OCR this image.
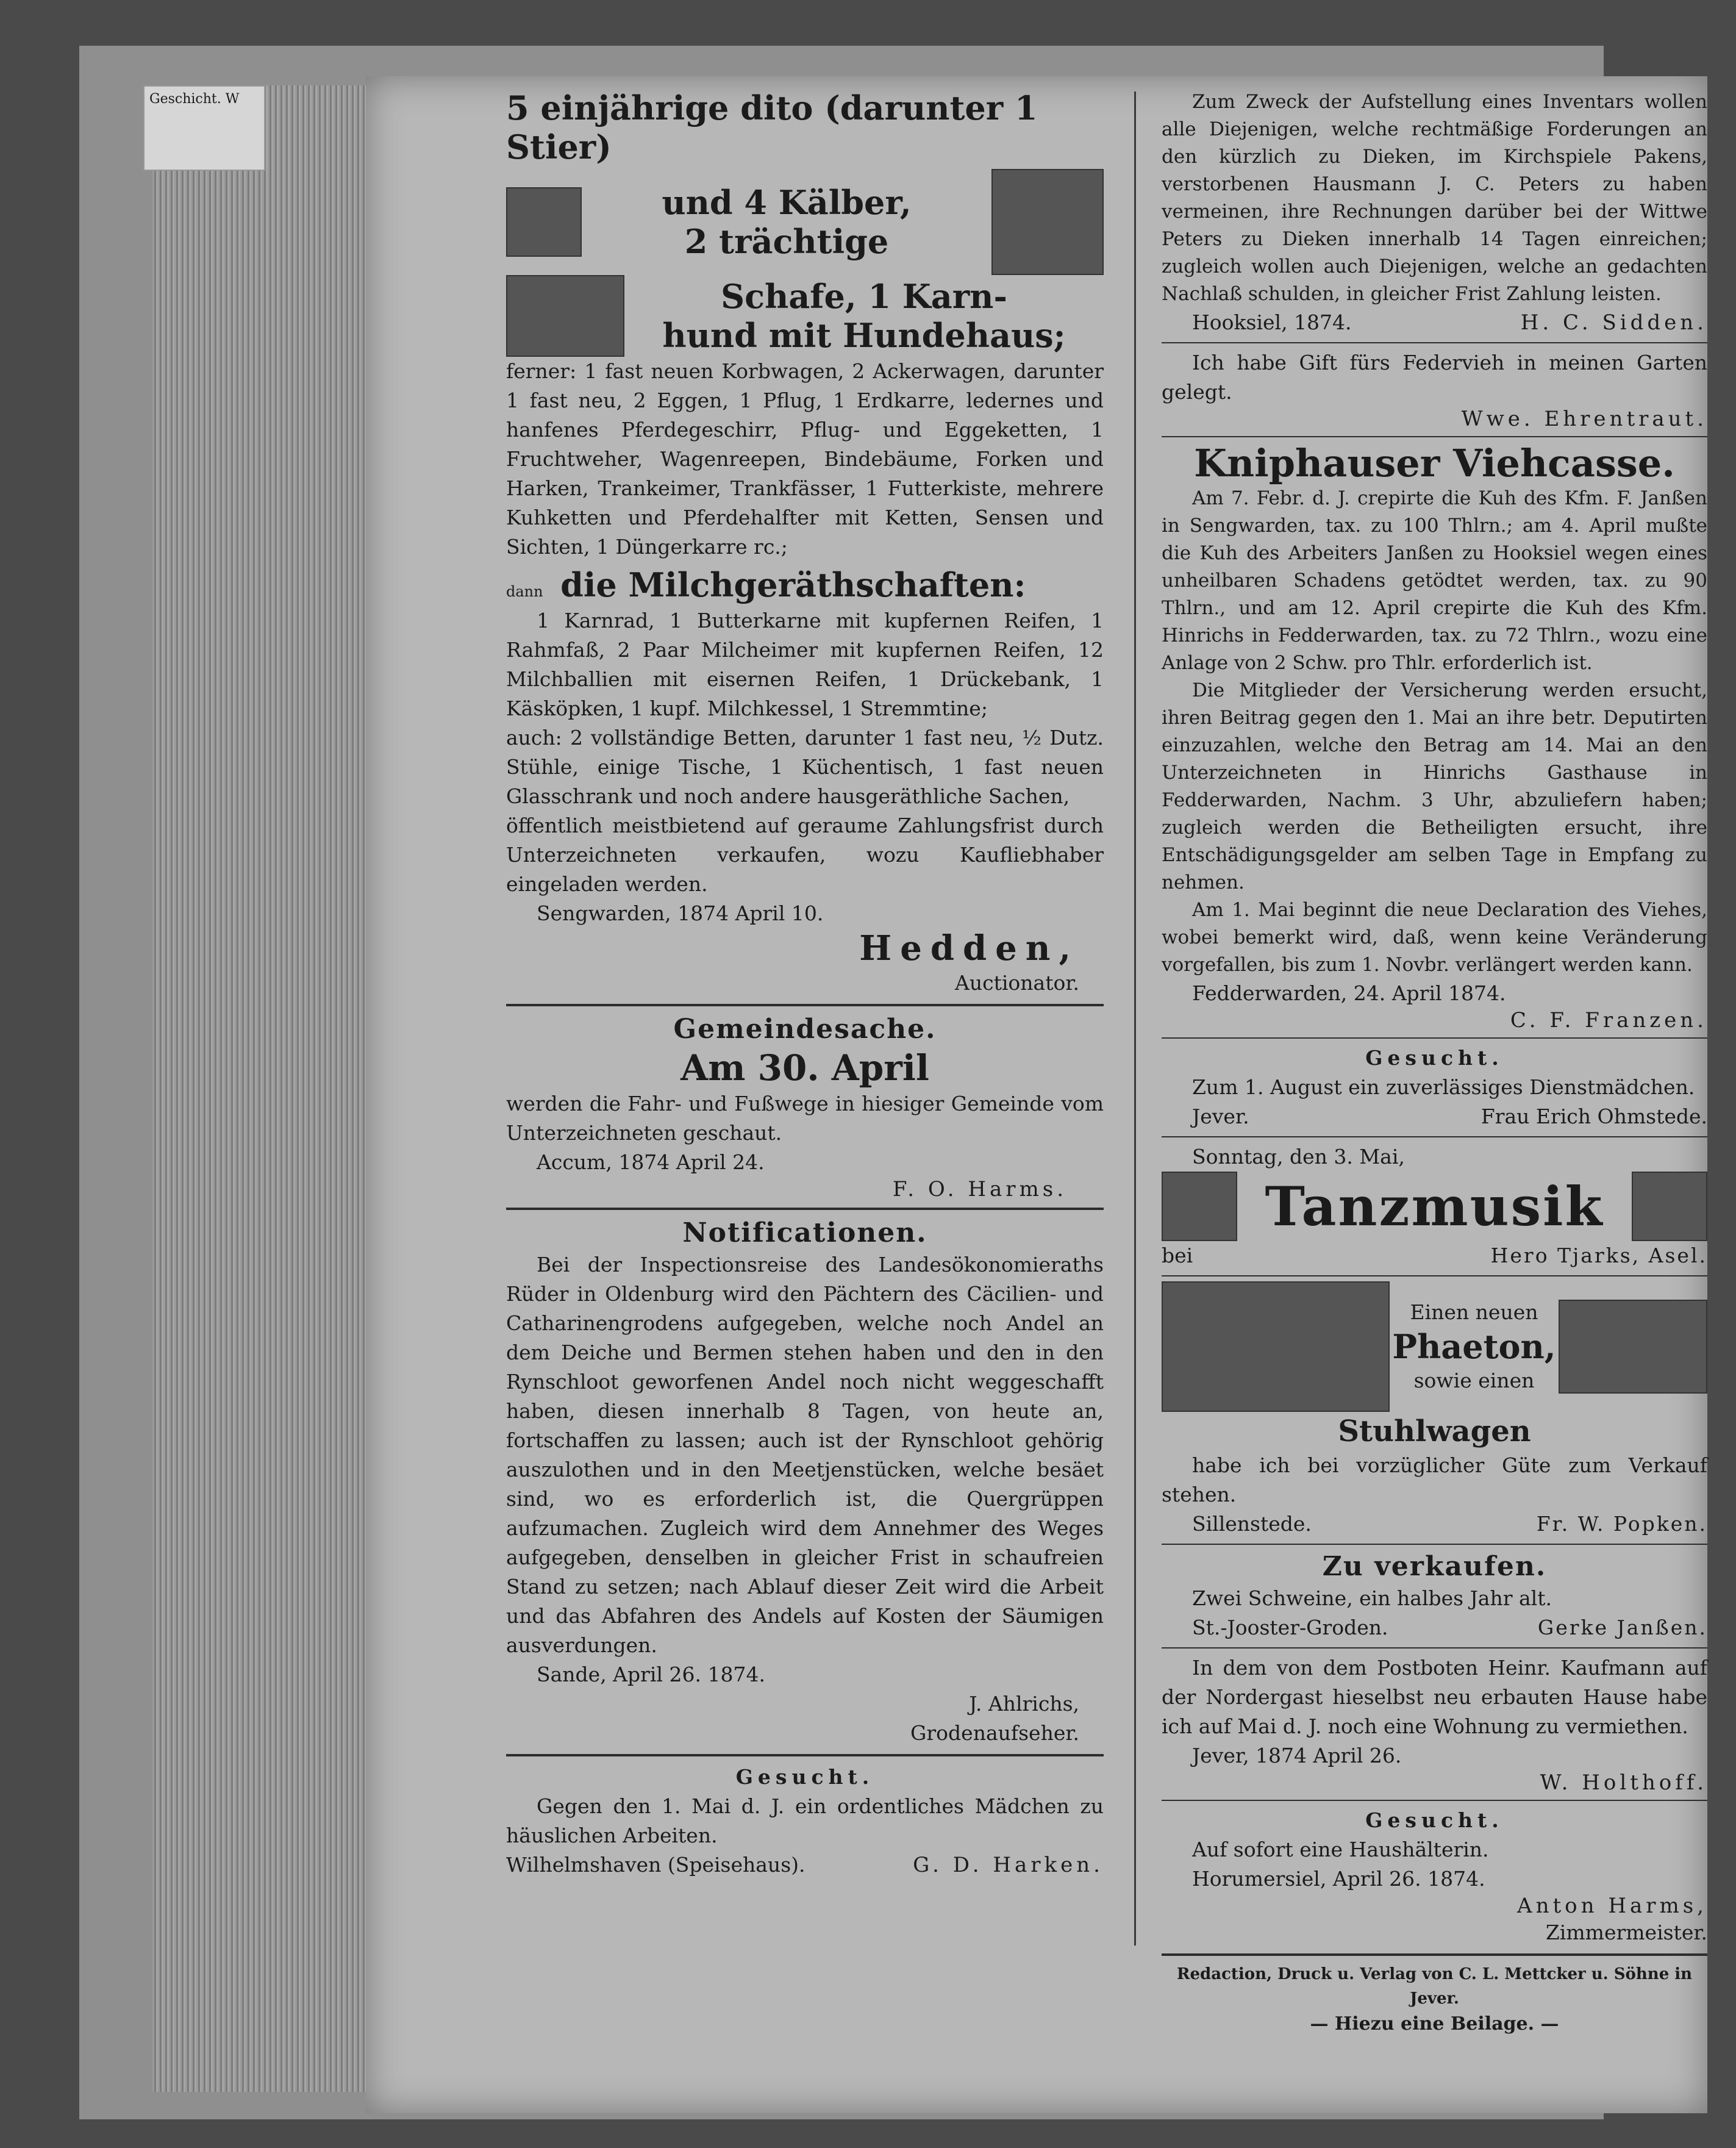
Geschicht. W	5 einjährige dito (darunter 1 Stier)

und 4 Kälber,

2 trächtige

Schafe, 1 Karn-

hund mit Hundehaus;

ferner: 1 fast neuen Korbwagen, 2 Ackerwagen, darunter 1 fast neu, 2 Eggen, 1 Pflug, 1 Erdkarre, ledernes und hanfenes Pferdegeschirr, Pflug- und Eggeketten, 1 Fruchtweher, Wagenreepen, Bindebäume, Forken und Harken, Trankeimer, Trankfässer, 1 Futterkiste, mehrere Kuhketten und Pferdehalfter mit Ketten, Sensen und Sichten, 1 Düngerkarre rc.;

dann die Milchgeräthschaften:

1 Karnrad, 1 Butterkarne mit kupfernen Reifen, 1 Rahmfaß, 2 Paar Milcheimer mit kupfernen Reifen, 12 Milchballien mit eisernen Reifen, 1 Drückebank, 1 Käsköpken, 1 kupf. Milchkessel, 1 Stremmtine;

auch: 2 vollständige Betten, darunter 1 fast neu, ½ Dutz. Stühle, einige Tische, 1 Küchentisch, 1 fast neuen Glasschrank und noch andere hausgeräthliche Sachen,

öffentlich meistbietend auf geraume Zahlungsfrist durch Unterzeichneten verkaufen, wozu Kaufliebhaber eingeladen werden.

Sengwarden, 1874 April 10.

Hedden,

Auctionator.

Gemeindesache.

Am 30. April

werden die Fahr- und Fußwege in hiesiger Gemeinde vom Unterzeichneten geschaut.

Accum, 1874 April 24.

F. O. Harms.

Notificationen.

Bei der Inspectionsreise des Landesökonomieraths Rüder in Oldenburg wird den Pächtern des Cäcilien- und Catharinengrodens aufgegeben, welche noch Andel an dem Deiche und Bermen stehen haben und den in den Rynschloot geworfenen Andel noch nicht weggeschafft haben, diesen innerhalb 8 Tagen, von heute an, fortschaffen zu lassen; auch ist der Rynschloot gehörig auszulothen und in den Meetjenstücken, welche besäet sind, wo es erforderlich ist, die Quergrüppen aufzumachen. Zugleich wird dem Annehmer des Weges aufgegeben, denselben in gleicher Frist in schaufreien Stand zu setzen; nach Ablauf dieser Zeit wird die Arbeit und das Abfahren des Andels auf Kosten der Säumigen ausverdungen.

Sande, April 26. 1874.

J. Ahlrichs,

Grodenaufseher.

Gesucht.

Gegen den 1. Mai d. J. ein ordentliches Mädchen zu häuslichen Arbeiten.

Wilhelmshaven (Speisehaus).	G. D. Harken.

Zum Zweck der Aufstellung eines Inventars wollen alle Diejenigen, welche rechtmäßige Forderungen an den kürzlich zu Dieken, im Kirchspiele Pakens, verstorbenen Hausmann J. C. Peters zu haben vermeinen, ihre Rechnungen darüber bei der Wittwe Peters zu Dieken innerhalb 14 Tagen einreichen; zugleich wollen auch Diejenigen, welche an gedachten Nachlaß schulden, in gleicher Frist Zahlung leisten.

Hooksiel, 1874.	H. C. Sidden.

Ich habe Gift fürs Federvieh in meinen Garten gelegt.

Wwe. Ehrentraut.

Kniphauser Viehcasse.

Am 7. Febr. d. J. crepirte die Kuh des Kfm. F. Janßen in Sengwarden, tax. zu 100 Thlrn.; am 4. April mußte die Kuh des Arbeiters Janßen zu Hooksiel wegen eines unheilbaren Schadens getödtet werden, tax. zu 90 Thlrn., und am 12. April crepirte die Kuh des Kfm. Hinrichs in Fedderwarden, tax. zu 72 Thlrn., wozu eine Anlage von 2 Schw. pro Thlr. erforderlich ist.

Die Mitglieder der Versicherung werden ersucht, ihren Beitrag gegen den 1. Mai an ihre betr. Deputirten einzuzahlen, welche den Betrag am 14. Mai an den Unterzeichneten in Hinrichs Gasthause in Fedderwarden, Nachm. 3 Uhr, abzuliefern haben; zugleich werden die Betheiligten ersucht, ihre Entschädigungsgelder am selben Tage in Empfang zu nehmen.

Am 1. Mai beginnt die neue Declaration des Viehes, wobei bemerkt wird, daß, wenn keine Veränderung vorgefallen, bis zum 1. Novbr. verlängert werden kann.

Fedderwarden, 24. April 1874.

C. F. Franzen.

Gesucht.

Zum 1. August ein zuverlässiges Dienstmädchen.

Jever.	Frau Erich Ohmstede.

Sonntag, den 3. Mai,

Tanzmusik

bei	Hero Tjarks, Asel.

Einen neuen

Phaeton,

sowie einen

Stuhlwagen

habe ich bei vorzüglicher Güte zum Verkauf stehen.

Sillenstede.	Fr. W. Popken.

Zu verkaufen.

Zwei Schweine, ein halbes Jahr alt.

St.-Jooster-Groden.	Gerke Janßen.

In dem von dem Postboten Heinr. Kaufmann auf der Nordergast hieselbst neu erbauten Hause habe ich auf Mai d. J. noch eine Wohnung zu vermiethen.

Jever, 1874 April 26.

W. Holthoff.

Gesucht.

Auf sofort eine Haushälterin.

Horumersiel, April 26. 1874.

Anton Harms,

Zimmermeister.

Redaction, Druck u. Verlag von C. L. Mettcker u. Söhne in Jever.

— Hiezu eine Beilage. —
